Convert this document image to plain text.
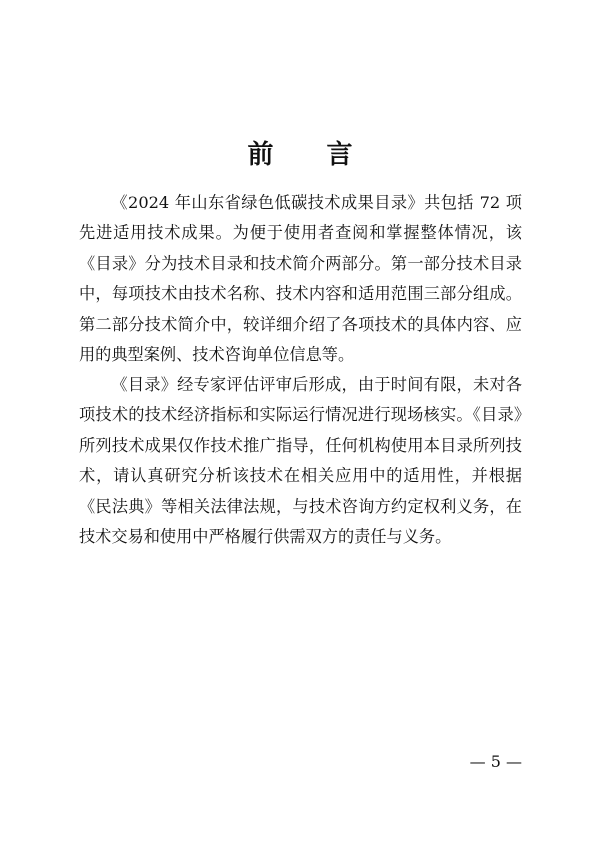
前 言

《2024 年山东省绿色低碳技术成果目录》共包括 72 项先进适用技术成果。为便于使用者查阅和掌握整体情况，该《目录》分为技术目录和技术简介两部分。第一部分技术目录中，每项技术由技术名称、技术内容和适用范围三部分组成。第二部分技术简介中，较详细介绍了各项技术的具体内容、应用的典型案例、技术咨询单位信息等。

《目录》经专家评估评审后形成，由于时间有限，未对各项技术的技术经济指标和实际运行情况进行现场核实。《目录》所列技术成果仅作技术推广指导，任何机构使用本目录所列技术，请认真研究分析该技术在相关应用中的适用性，并根据《民法典》等相关法律法规，与技术咨询方约定权利义务，在技术交易和使用中严格履行供需双方的责任与义务。

— 5 —
